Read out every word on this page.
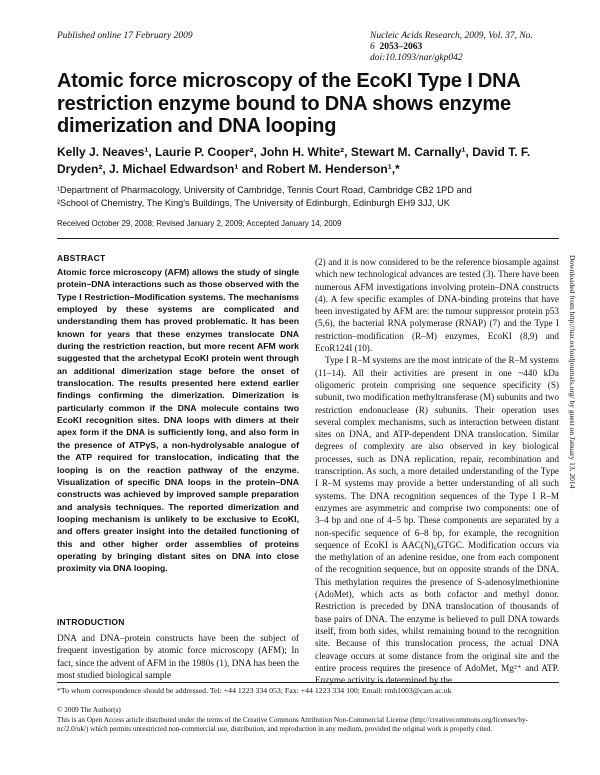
Published online 17 February 2009	Nucleic Acids Research, 2009, Vol. 37, No. 6 2053–2063
doi:10.1093/nar/gkp042
Atomic force microscopy of the EcoKI Type I DNA restriction enzyme bound to DNA shows enzyme dimerization and DNA looping
Kelly J. Neaves¹, Laurie P. Cooper², John H. White², Stewart M. Carnally¹, David T. F. Dryden², J. Michael Edwardson¹ and Robert M. Henderson¹,*
¹Department of Pharmacology, University of Cambridge, Tennis Court Road, Cambridge CB2 1PD and
²School of Chemistry, The King's Buildings, The University of Edinburgh, Edinburgh EH9 3JJ, UK
Received October 29, 2008; Revised January 2, 2009; Accepted January 14, 2009
ABSTRACT

Atomic force microscopy (AFM) allows the study of single protein–DNA interactions such as those observed with the Type I Restriction–Modification systems. The mechanisms employed by these systems are complicated and understanding them has proved problematic. It has been known for years that these enzymes translocate DNA during the restriction reaction, but more recent AFM work suggested that the archetypal EcoKI protein went through an additional dimerization stage before the onset of translocation. The results presented here extend earlier findings confirming the dimerization. Dimerization is particularly common if the DNA molecule contains two EcoKI recognition sites. DNA loops with dimers at their apex form if the DNA is sufficiently long, and also form in the presence of ATPγS, a non-hydrolysable analogue of the ATP required for translocation, indicating that the looping is on the reaction pathway of the enzyme. Visualization of specific DNA loops in the protein–DNA constructs was achieved by improved sample preparation and analysis techniques. The reported dimerization and looping mechanism is unlikely to be exclusive to EcoKI, and offers greater insight into the detailed functioning of this and other higher order assemblies of proteins operating by bringing distant sites on DNA into close proximity via DNA looping.

INTRODUCTION

DNA and DNA–protein constructs have been the subject of frequent investigation by atomic force microscopy (AFM); In fact, since the advent of AFM in the 1980s (1), DNA has been the most studied biological sample

(2) and it is now considered to be the reference biosample against which new technological advances are tested (3). There have been numerous AFM investigations involving protein–DNA constructs (4). A few specific examples of DNA-binding proteins that have been investigated by AFM are: the tumour suppressor protein p53 (5,6), the bacterial RNA polymerase (RNAP) (7) and the Type I restriction–modification (R–M) enzymes, EcoKI (8,9) and EcoR124I (10).

Type I R–M systems are the most intricate of the R–M systems (11–14). All their activities are present in one ~440 kDa oligomeric protein comprising one sequence specificity (S) subunit, two modification methyltransferase (M) subunits and two restriction endonuclease (R) subunits. Their operation uses several complex mechanisms, such as interaction between distant sites on DNA, and ATP-dependent DNA translocation. Similar degrees of complexity are also observed in key biological processes, such as DNA replication, repair, recombination and transcription. As such, a more detailed understanding of the Type I R–M systems may provide a better understanding of all such systems. The DNA recognition sequences of the Type I R–M enzymes are asymmetric and comprise two components: one of 3–4 bp and one of 4–5 bp. These components are separated by a non-specific sequence of 6–8 bp, for example, the recognition sequence of EcoKI is AAC(N)₆GTGC. Modification occurs via the methylation of an adenine residue, one from each component of the recognition sequence, but on opposite strands of the DNA. This methylation requires the presence of S-adenosylmethionine (AdoMet), which acts as both cofactor and methyl donor. Restriction is preceded by DNA translocation of thousands of base pairs of DNA. The enzyme is believed to pull DNA towards itself, from both sides, whilst remaining bound to the recognition site. Because of this translocation process, the actual DNA cleavage occurs at some distance from the original site and the entire process requires the presence of AdoMet, Mg²⁺ and ATP. Enzyme activity is determined by the

*To whom correspondence should be addressed. Tel: +44 1223 334 053; Fax: +44 1223 334 100; Email: rmh1003@cam.ac.uk
© 2009 The Author(s)
This is an Open Access article distributed under the terms of the Creative Commons Attribution Non-Commercial License (http://creativecommons.org/licenses/by-nc/2.0/uk/) which permits unrestricted non-commercial use, distribution, and reproduction in any medium, provided the original work is properly cited.
Downloaded from http://nar.oxfordjournals.org/ by guest on January 13, 2014
